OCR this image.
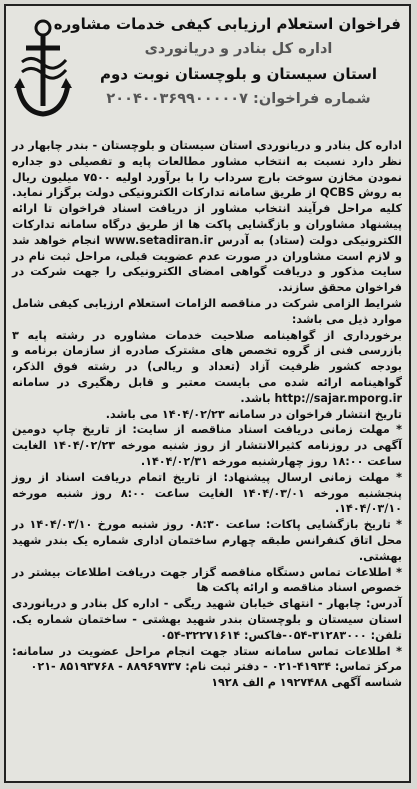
فراخوان استعلام ارزیابی کیفی خدمات مشاوره
اداره کل بنادر و دریانوردی
استان سیستان و بلوچستان نوبت دوم
شماره فراخوان: ۲۰۰۴۰۰۳۶۹۹۰۰۰۰۰۷

اداره کل بنادر و دریانوردی استان سیستان و بلوچستان - بندر چابهار در نظر دارد نسبت به انتخاب مشاور مطالعات پایه و تفصیلی دو جداره نمودن مخازن سوخت بارج سرداب را با برآورد اولیه ۷۵۰۰ میلیون ریال به روش QCBS از طریق سامانه تدارکات الکترونیکی دولت برگزار نماید. کلیه مراحل فرآیند انتخاب مشاور از دریافت اسناد فراخوان تا ارائه پیشنهاد مشاوران و بازگشایی پاکت ها از طریق درگاه سامانه تدارکات الکترونیکی دولت (ستاد) به آدرس www.setadiran.ir انجام خواهد شد و لازم است مشاوران در صورت عدم عضویت قبلی، مراحل ثبت نام در سایت مذکور و دریافت گواهی امضای الکترونیکی را جهت شرکت در فراخوان محقق سازند.

شرایط الزامی شرکت در مناقصه الزامات استعلام ارزیابی کیفی شامل موارد ذیل می باشد:

برخورداری از گواهینامه صلاحیت خدمات مشاوره در رشته پایه ۳ بازرسی فنی از گروه تخصص های مشترک صادره از سازمان برنامه و بودجه کشور ظرفیت آزاد (تعداد و ریالی) در رشته فوق الذکر، گواهینامه ارائه شده می بایست معتبر و قابل رهگیری در سامانه http://sajar.mporg.ir باشد.

تاریخ انتشار فراخوان در سامانه ۱۴۰۴/۰۲/۲۳ می باشد.

* مهلت زمانی دریافت اسناد مناقصه از سایت: از تاریخ چاپ دومین آگهی در روزنامه کثیرالانتشار از روز شنبه مورخه ۱۴۰۴/۰۲/۲۳ الغایت ساعت ۱۸:۰۰ روز چهارشنبه مورخه ۱۴۰۴/۰۲/۳۱.

* مهلت زمانی ارسال پیشنهاد: از تاریخ اتمام دریافت اسناد از روز پنجشنبه مورخه ۱۴۰۴/۰۳/۰۱ الغایت ساعت ۸:۰۰ روز شنبه مورخه ۱۴۰۴/۰۳/۱۰.

* تاریخ بازگشایی پاکات: ساعت ۰۸:۳۰ روز شنبه مورخ ۱۴۰۴/۰۳/۱۰ در محل اتاق کنفرانس طبقه چهارم ساختمان اداری شماره یک بندر شهید بهشتی.

* اطلاعات تماس دستگاه مناقصه گزار جهت دریافت اطلاعات بیشتر در خصوص اسناد مناقصه و ارائه پاکت ها

آدرس: چابهار - انتهای خیابان شهید ریگی - اداره کل بنادر و دریانوردی استان سیستان و بلوچستان بندر شهید بهشتی - ساختمان شماره یک. تلفن: ۳۱۲۸۳۰۰۰-۰۵۴-فاکس: ۳۲۲۷۱۶۱۴-۰۵۴

* اطلاعات تماس سامانه ستاد جهت انجام مراحل عضویت در سامانه: مرکز تماس: ۴۱۹۳۴-۰۲۱ - دفتر ثبت نام: ۸۸۹۶۹۷۳۷ - ۸۵۱۹۳۷۶۸ -۰۲۱

شناسه آگهی ۱۹۲۷۴۸۸ م الف ۱۹۲۸
